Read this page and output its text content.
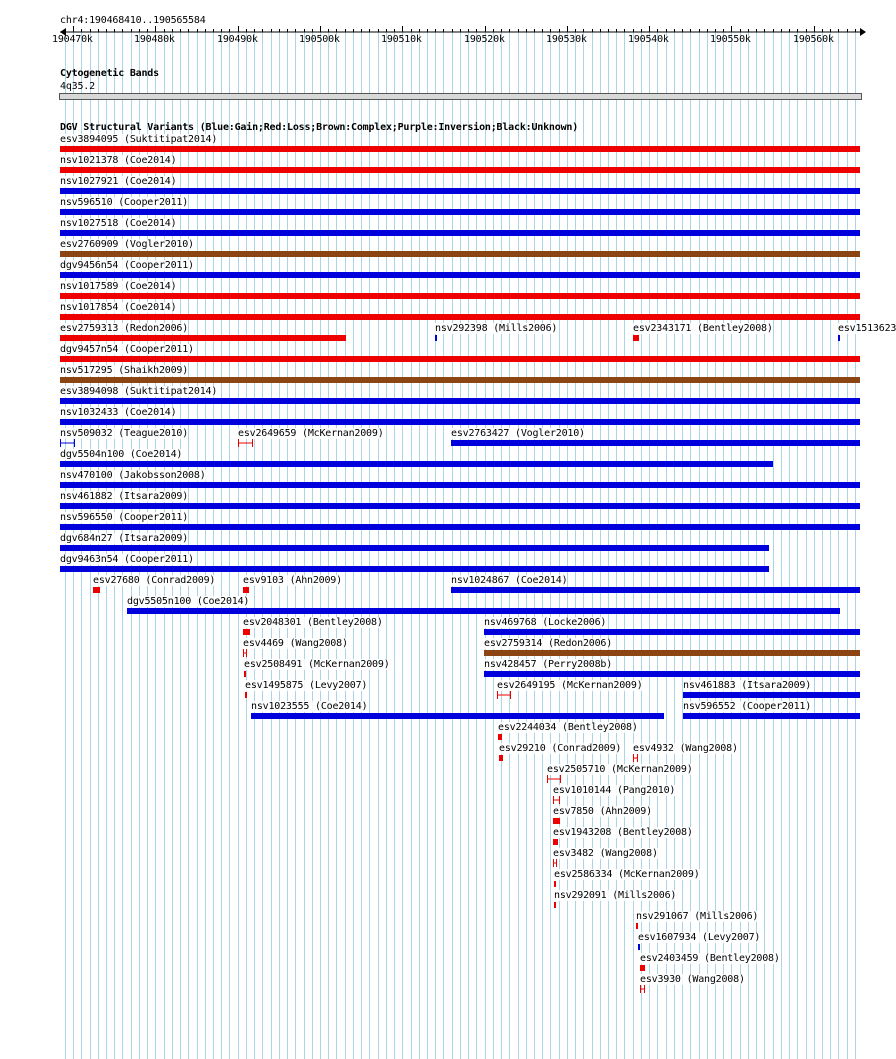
chr4:190468410..190565584
190470k	190480k	190490k	190500k	190510k	190520k	190530k	190540k	190550k	190560k
Cytogenetic Bands
4q35.2
DGV Structural Variants (Blue:Gain;Red:Loss;Brown:Complex;Purple:Inversion;Black:Unknown)
esv3894095 (Suktitipat2014)
nsv1021378 (Coe2014)
nsv1027921 (Coe2014)
nsv596510 (Cooper2011)
nsv1027518 (Coe2014)
esv2760909 (Vogler2010)
dgv9456n54 (Cooper2011)
nsv1017589 (Coe2014)
nsv1017854 (Coe2014)
esv2759313 (Redon2006)	nsv292398 (Mills2006)	esv2343171 (Bentley2008)	esv1513623
dgv9457n54 (Cooper2011)
nsv517295 (Shaikh2009)
esv3894098 (Suktitipat2014)
nsv1032433 (Coe2014)
nsv509032 (Teague2010)	esv2649659 (McKernan2009)	esv2763427 (Vogler2010)
dgv5504n100 (Coe2014)
nsv470100 (Jakobsson2008)
nsv461882 (Itsara2009)
nsv596550 (Cooper2011)
dgv684n27 (Itsara2009)
dgv9463n54 (Cooper2011)
esv27680 (Conrad2009)	esv9103 (Ahn2009)	nsv1024867 (Coe2014)
dgv5505n100 (Coe2014)
esv2048301 (Bentley2008)	nsv469768 (Locke2006)
esv4469 (Wang2008)	esv2759314 (Redon2006)
esv2508491 (McKernan2009)	nsv428457 (Perry2008b)
esv1495875 (Levy2007)	esv2649195 (McKernan2009)	nsv461883 (Itsara2009)
nsv1023555 (Coe2014)	nsv596552 (Cooper2011)
esv2244034 (Bentley2008)
esv29210 (Conrad2009) esv4932 (Wang2008)
esv2505710 (McKernan2009)
esv1010144 (Pang2010)
esv7850 (Ahn2009)
esv1943208 (Bentley2008)
esv3482 (Wang2008)
esv2586334 (McKernan2009)
nsv292091 (Mills2006)
nsv291067 (Mills2006)
esv1607934 (Levy2007)
esv2403459 (Bentley2008)
esv3930 (Wang2008)
